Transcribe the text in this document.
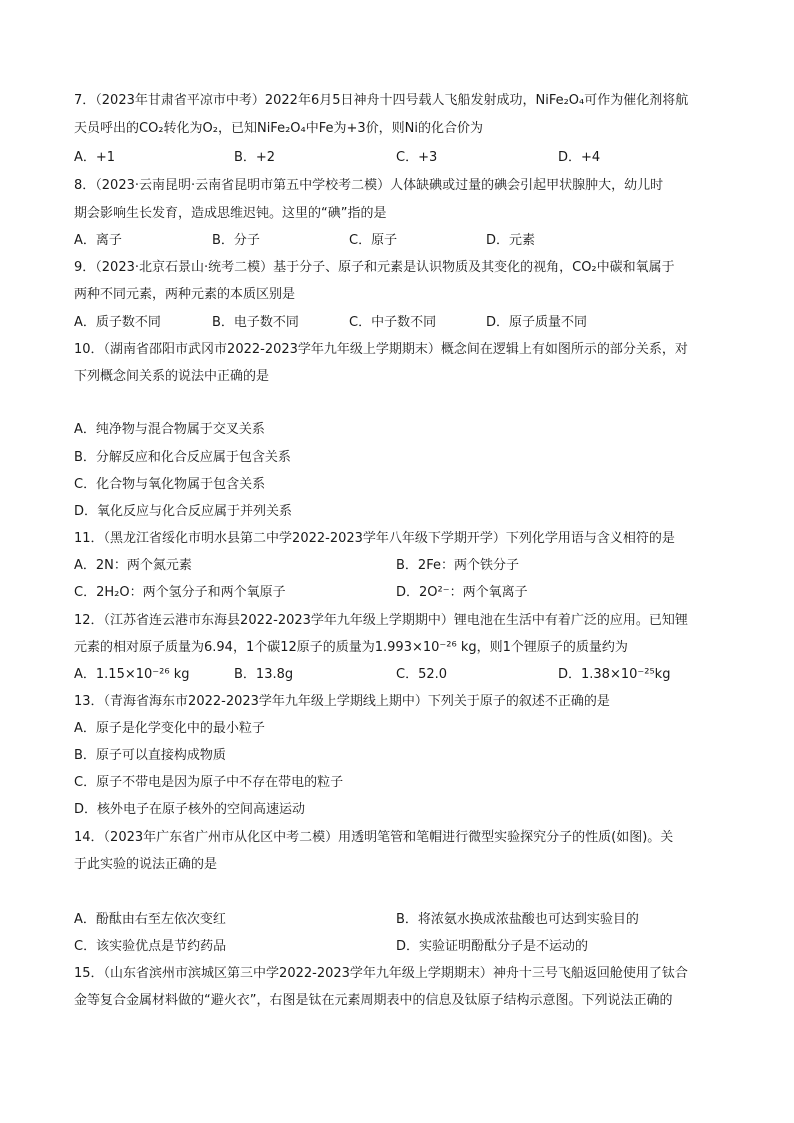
7．（2023年甘肃省平凉市中考）2022年6月5日神舟十四号载人飞船发射成功，NiFe₂O₄可作为催化剂将航
天员呼出的CO₂转化为O₂，已知NiFe₂O₄中Fe为+3价，则Ni的化合价为
A．+1	B．+2	C．+3	D．+4
8．（2023·云南昆明·云南省昆明市第五中学校考二模）人体缺碘或过量的碘会引起甲状腺肿大，幼儿时
期会影响生长发育，造成思维迟钝。这里的“碘”指的是
A．离子	B．分子	C．原子	D．元素
9．（2023·北京石景山·统考二模）基于分子、原子和元素是认识物质及其变化的视角，CO₂中碳和氧属于
两种不同元素，两种元素的本质区别是
A．质子数不同	B．电子数不同	C．中子数不同	D．原子质量不同
10．（湖南省邵阳市武冈市2022-2023学年九年级上学期期末）概念间在逻辑上有如图所示的部分关系，对
下列概念间关系的说法中正确的是
A．纯净物与混合物属于交叉关系
B．分解反应和化合反应属于包含关系
C．化合物与氧化物属于包含关系
D．氧化反应与化合反应属于并列关系
11．（黑龙江省绥化市明水县第二中学2022-2023学年八年级下学期开学）下列化学用语与含义相符的是
A．2N：两个氮元素	B．2Fe：两个铁分子
C．2H₂O：两个氢分子和两个氧原子	D．2O²⁻：两个氧离子
12．（江苏省连云港市东海县2022-2023学年九年级上学期期中）锂电池在生活中有着广泛的应用。已知锂
元素的相对原子质量为6.94，1个碳12原子的质量为1.993×10⁻²⁶ kg，则1个锂原子的质量约为
A．1.15×10⁻²⁶ kg	B．13.8g	C．52.0	D．1.38×10⁻²⁵kg
13．（青海省海东市2022-2023学年九年级上学期线上期中）下列关于原子的叙述不正确的是
A．原子是化学变化中的最小粒子
B．原子可以直接构成物质
C．原子不带电是因为原子中不存在带电的粒子
D．核外电子在原子核外的空间高速运动
14．（2023年广东省广州市从化区中考二模）用透明笔管和笔帽进行微型实验探究分子的性质(如图)。关
于此实验的说法正确的是
A．酚酞由右至左依次变红	B．将浓氨水换成浓盐酸也可达到实验目的
C．该实验优点是节约药品	D．实验证明酚酞分子是不运动的
15．（山东省滨州市滨城区第三中学2022-2023学年九年级上学期期末）神舟十三号飞船返回舱使用了钛合
金等复合金属材料做的“避火衣”，右图是钛在元素周期表中的信息及钛原子结构示意图。下列说法正确的
